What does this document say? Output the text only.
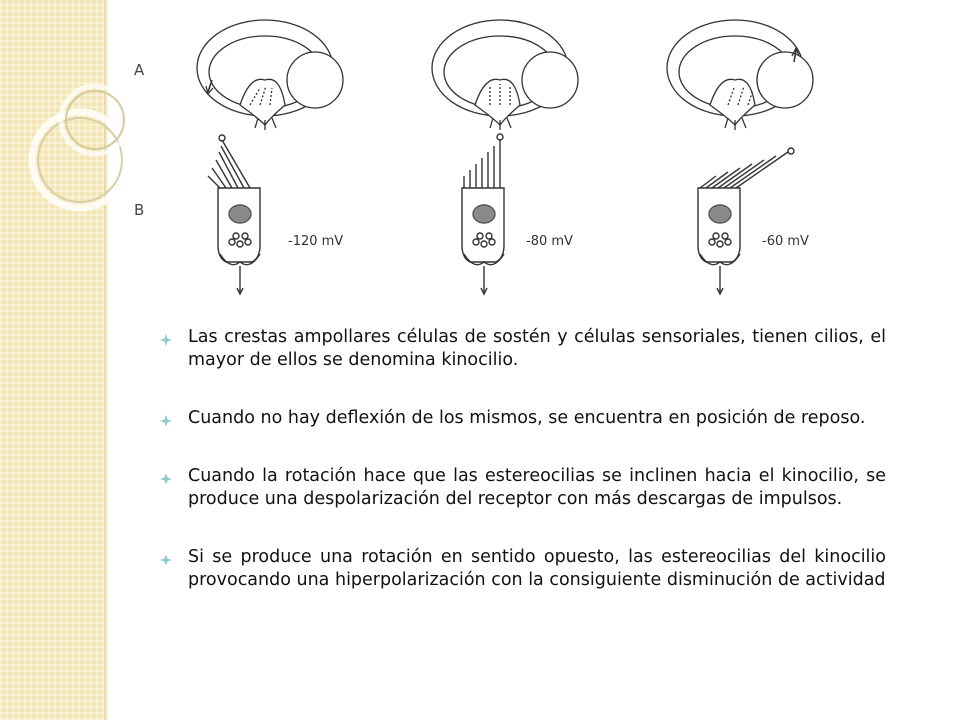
A
B
-120 mV	-80 mV	-60 mV
Las crestas ampollares células de sostén y células sensoriales, tienen cilios, el mayor de ellos se denomina kinocilio.
Cuando no hay deflexión de los mismos, se encuentra en posición de reposo.
Cuando la rotación hace que las estereocilias se inclinen hacia el kinocilio, se produce una despolarización del receptor con más descargas de impulsos.
Si se produce una rotación en sentido opuesto, las estereocilias del kinocilio provocando una hiperpolarización con la consiguiente disminución de actividad
